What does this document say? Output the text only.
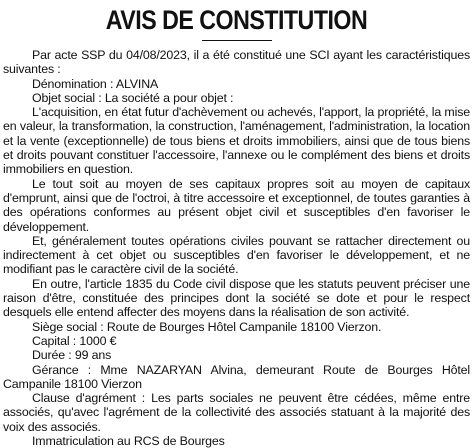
AVIS DE CONSTITUTION

Par acte SSP du 04/08/2023, il a été constitué une SCI ayant les caractéristiques suivantes :

Dénomination : ALVINA

Objet social : La société a pour objet :

L'acquisition, en état futur d'achèvement ou achevés, l'apport, la propriété, la mise en valeur, la transformation, la construction, l'aménagement, l'administration, la location et la vente (exceptionnelle) de tous biens et droits immobiliers, ainsi que de tous biens et droits pouvant constituer l'accessoire, l'annexe ou le complément des biens et droits immobiliers en question.

Le tout soit au moyen de ses capitaux propres soit au moyen de capitaux d'emprunt, ainsi que de l'octroi, à titre accessoire et exceptionnel, de toutes garanties à des opérations conformes au présent objet civil et susceptibles d'en favoriser le développement.

Et, généralement toutes opérations civiles pouvant se rattacher directement ou indirectement à cet objet ou susceptibles d'en favoriser le développement, et ne modifiant pas le caractère civil de la société.

En outre, l'article 1835 du Code civil dispose que les statuts peuvent préciser une raison d'être, constituée des principes dont la société se dote et pour le respect desquels elle entend affecter des moyens dans la réalisation de son activité.

Siège social : Route de Bourges Hôtel Campanile 18100 Vierzon.

Capital : 1000 €

Durée : 99 ans

Gérance : Mme NAZARYAN Alvina, demeurant Route de Bourges Hôtel Campanile 18100 Vierzon

Clause d'agrément : Les parts sociales ne peuvent être cédées, même entre associés, qu'avec l'agrément de la collectivité des associés statuant à la majorité des voix des associés.

Immatriculation au RCS de Bourges
